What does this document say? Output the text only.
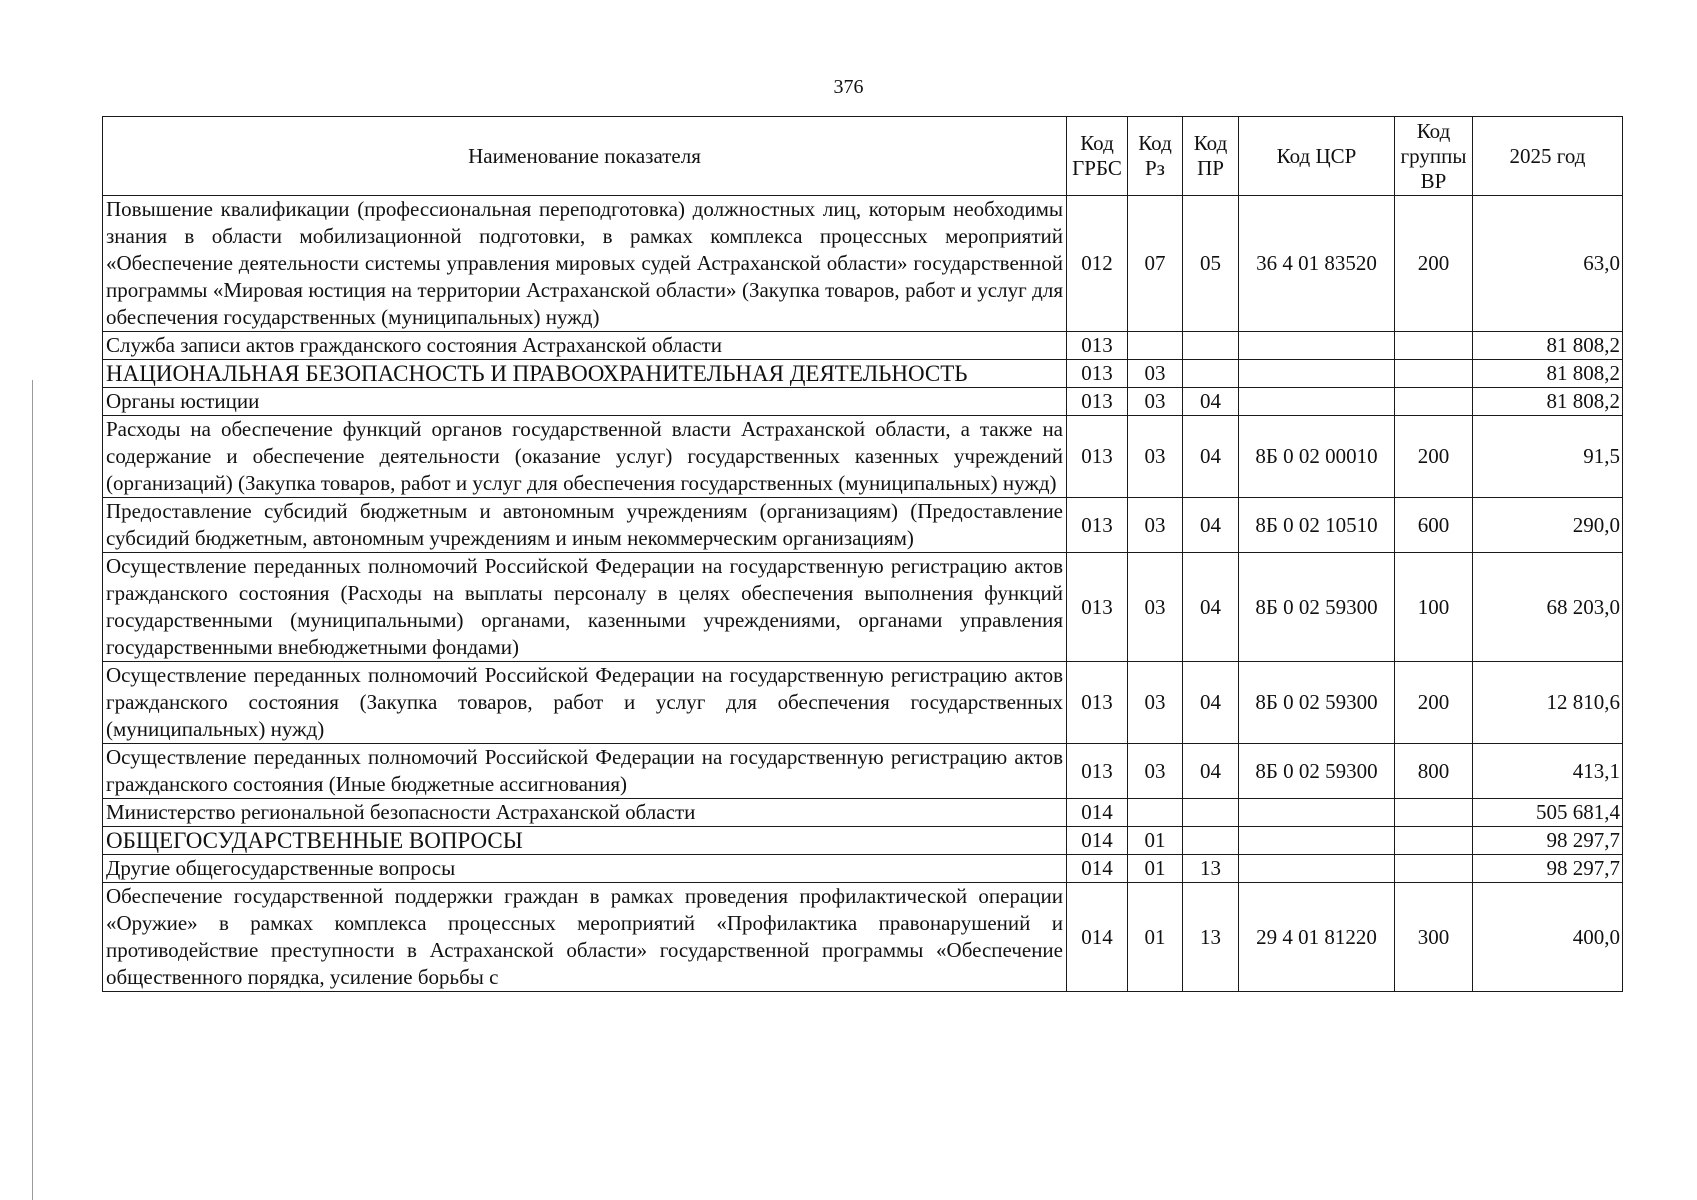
376
Наименование показателя	Код ГРБС	Код Рз	Код ПР	Код ЦСР	Код группы ВР	2025 год
Повышение квалификации (профессиональная переподготовка) должностных лиц, которым необходимы знания в области мобилизационной подготовки, в рамках комплекса процессных мероприятий «Обеспечение деятельности системы управления мировых судей Астраханской области» государственной программы «Мировая юстиция на территории Астраханской области» (Закупка товаров, работ и услуг для обеспечения государственных (муниципальных) нужд)	012	07	05	36 4 01 83520	200	63,0
Служба записи актов гражданского состояния Астраханской области	013					81 808,2
НАЦИОНАЛЬНАЯ БЕЗОПАСНОСТЬ И ПРАВООХРАНИТЕЛЬНАЯ ДЕЯТЕЛЬНОСТЬ	013	03				81 808,2
Органы юстиции	013	03	04			81 808,2
Расходы на обеспечение функций органов государственной власти Астраханской области, а также на содержание и обеспечение деятельности (оказание услуг) государственных казенных учреждений (организаций) (Закупка товаров, работ и услуг для обеспечения государственных (муниципальных) нужд)	013	03	04	8Б 0 02 00010	200	91,5
Предоставление субсидий бюджетным и автономным учреждениям (организациям) (Предоставление субсидий бюджетным, автономным учреждениям и иным некоммерческим организациям)	013	03	04	8Б 0 02 10510	600	290,0
Осуществление переданных полномочий Российской Федерации на государственную регистрацию актов гражданского состояния (Расходы на выплаты персоналу в целях обеспечения выполнения функций государственными (муниципальными) органами, казенными учреждениями, органами управления государственными внебюджетными фондами)	013	03	04	8Б 0 02 59300	100	68 203,0
Осуществление переданных полномочий Российской Федерации на государственную регистрацию актов гражданского состояния (Закупка товаров, работ и услуг для обеспечения государственных (муниципальных) нужд)	013	03	04	8Б 0 02 59300	200	12 810,6
Осуществление переданных полномочий Российской Федерации на государственную регистрацию актов гражданского состояния (Иные бюджетные ассигнования)	013	03	04	8Б 0 02 59300	800	413,1
Министерство региональной безопасности Астраханской области	014					505 681,4
ОБЩЕГОСУДАРСТВЕННЫЕ ВОПРОСЫ	014	01				98 297,7
Другие общегосударственные вопросы	014	01	13			98 297,7
Обеспечение государственной поддержки граждан в рамках проведения профилактической операции «Оружие» в рамках комплекса процессных мероприятий «Профилактика правонарушений и противодействие преступности в Астраханской области» государственной программы «Обеспечение общественного порядка, усиление борьбы с	014	01	13	29 4 01 81220	300	400,0
